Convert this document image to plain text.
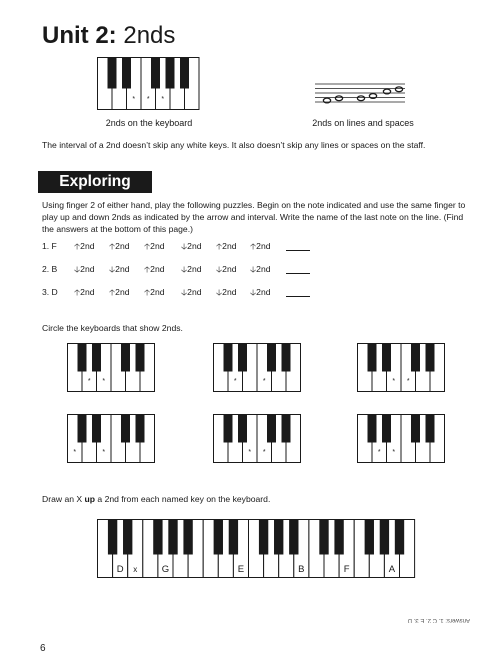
Unit 2: 2nds
* * *
2nds on the keyboard	2nds on lines and spaces
The interval of a 2nd doesn’t skip any white keys. It also doesn’t skip any lines or spaces on the staff.
Exploring
Using finger 2 of either hand, play the following puzzles. Begin on the note indicated and use the same finger to play up and down 2nds as indicated by the arrow and interval. Write the name of the last note on the line. (Find the answers at the bottom of this page.)
1. F 🡡2nd 🡡2nd 🡡2nd 🡣2nd 🡡2nd 🡡2nd
2. B 🡣2nd 🡣2nd 🡡2nd 🡣2nd 🡣2nd 🡣2nd
3. D 🡡2nd 🡡2nd 🡡2nd 🡣2nd 🡣2nd 🡣2nd
Circle the keyboards that show 2nds.
* *	*	*	* *
*	*	* *	* *
Draw an X up a 2nd from each named key on the keyboard.
D x	G	E	B	F	A
Answers: 1. C 2. E 3. D
6
